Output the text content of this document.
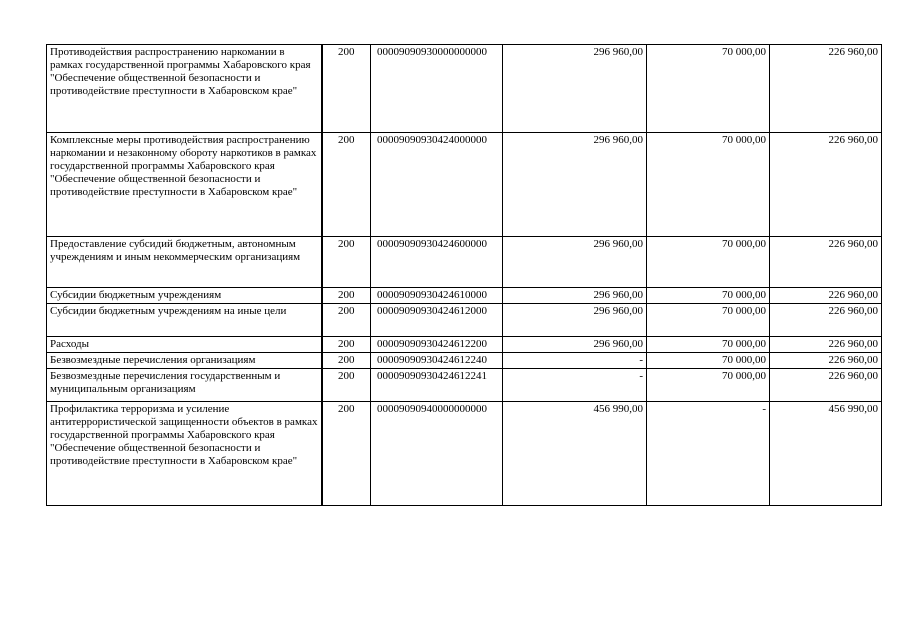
Противодействия распространению наркомании в рамках государственной программы Хабаровского края "Обеспечение общественной безопасности и противодействие преступности в Хабаровском крае"	200	00009090930000000000	296 960,00	70 000,00	226 960,00
Комплексные меры противодействия распространению наркомании и незаконному обороту наркотиков в рамках государственной программы Хабаровского края "Обеспечение общественной безопасности и противодействие преступности в Хабаровском крае"	200	00009090930424000000	296 960,00	70 000,00	226 960,00
Предоставление субсидий бюджетным, автономным учреждениям и иным некоммерческим организациям	200	00009090930424600000	296 960,00	70 000,00	226 960,00
Субсидии бюджетным учреждениям	200	00009090930424610000	296 960,00	70 000,00	226 960,00
Субсидии бюджетным учреждениям на иные цели	200	00009090930424612000	296 960,00	70 000,00	226 960,00
Расходы	200	00009090930424612200	296 960,00	70 000,00	226 960,00
Безвозмездные перечисления организациям	200	00009090930424612240	-	70 000,00	226 960,00
Безвозмездные перечисления государственным и муниципальным организациям	200	00009090930424612241	-	70 000,00	226 960,00
Профилактика терроризма и усиление антитеррористической защищенности объектов в рамках государственной программы Хабаровского края "Обеспечение общественной безопасности и противодействие преступности в Хабаровском крае"	200	00009090940000000000	456 990,00	-	456 990,00
